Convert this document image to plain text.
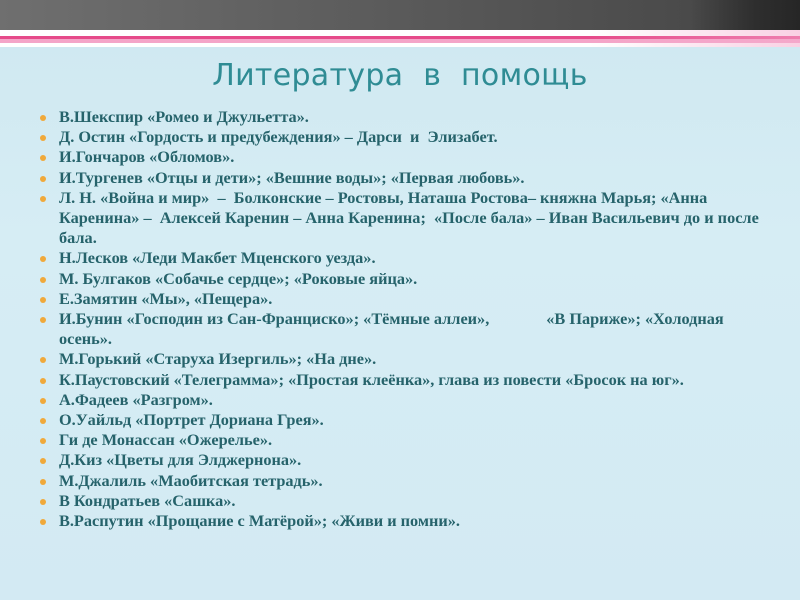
Литература в помощь
В.Шекспир «Ромео и Джульетта».
Д. Остин «Гордость и предубеждения» – Дарси  и  Элизабет.
И.Гончаров «Обломов».
И.Тургенев «Отцы и дети»; «Вешние воды»; «Первая любовь».
Л. Н. «Война и мир»  –  Болконские – Ростовы, Наташа Ростова– княжна Марья; «Анна Каренина» –  Алексей Каренин – Анна Каренина;  «После бала» – Иван Васильевич до и после бала.
Н.Лесков «Леди Макбет Мценского уезда».
М. Булгаков «Собачье сердце»; «Роковые яйца».
Е.Замятин «Мы», «Пещера».
И.Бунин «Господин из Сан-Франциско»; «Тёмные аллеи»,              «В Париже»; «Холодная осень».
М.Горький «Старуха Изергиль»; «На дне».
К.Паустовский «Телеграмма»; «Простая клеёнка», глава из повести «Бросок на юг».
А.Фадеев «Разгром».
О.Уайльд «Портрет Дориана Грея».
Ги де Монассан «Ожерелье».
Д.Киз «Цветы для Элджернона».
М.Джалиль «Маобитская тетрадь».
В Кондратьев «Сашка».
В.Распутин «Прощание с Матёрой»; «Живи и помни».
